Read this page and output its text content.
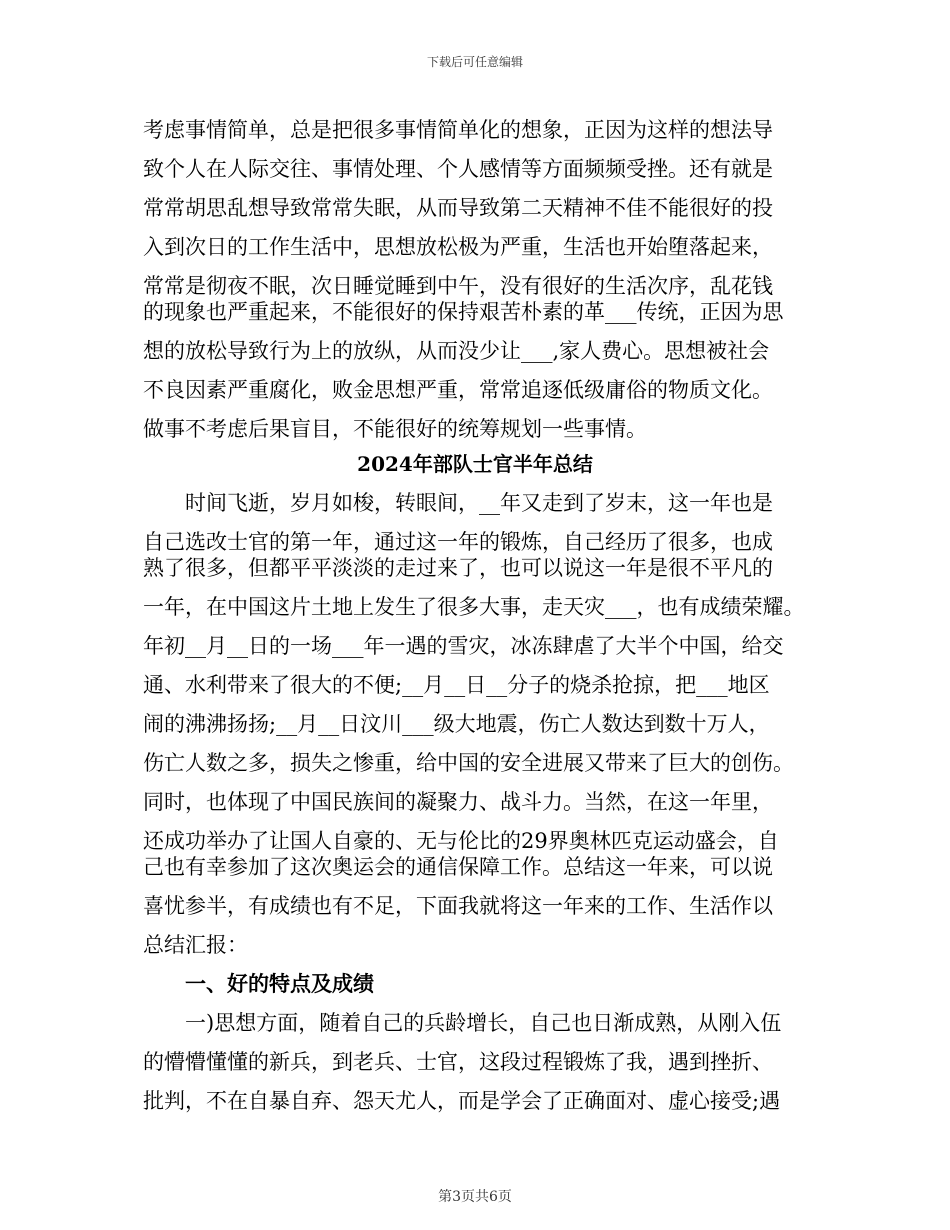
下载后可任意编辑
考虑事情简单，总是把很多事情简单化的想象，正因为这样的想法导
致个人在人际交往、事情处理、个人感情等方面频频受挫。还有就是
常常胡思乱想导致常常失眠，从而导致第二天精神不佳不能很好的投
入到次日的工作生活中，思想放松极为严重，生活也开始堕落起来，
常常是彻夜不眠，次日睡觉睡到中午，没有很好的生活次序，乱花钱
的现象也严重起来，不能很好的保持艰苦朴素的革___传统，正因为思
想的放松导致行为上的放纵，从而没少让___,家人费心。思想被社会
不良因素严重腐化，败金思想严重，常常追逐低级庸俗的物质文化。
做事不考虑后果盲目，不能很好的统筹规划一些事情。
2024年部队士官半年总结
时间飞逝，岁月如梭，转眼间，__年又走到了岁末，这一年也是
自己选改士官的第一年，通过这一年的锻炼，自己经历了很多，也成
熟了很多，但都平平淡淡的走过来了，也可以说这一年是很不平凡的
一年，在中国这片土地上发生了很多大事，走天灾___，也有成绩荣耀。
年初__月__日的一场___年一遇的雪灾，冰冻肆虐了大半个中国，给交
通、水利带来了很大的不便;__月__日__分子的烧杀抢掠，把___地区
闹的沸沸扬扬;__月__日汶川___级大地震，伤亡人数达到数十万人，
伤亡人数之多，损失之惨重，给中国的安全进展又带来了巨大的创伤。
同时，也体现了中国民族间的凝聚力、战斗力。当然，在这一年里，
还成功举办了让国人自豪的、无与伦比的29界奥林匹克运动盛会，自
己也有幸参加了这次奥运会的通信保障工作。总结这一年来，可以说
喜忧参半，有成绩也有不足，下面我就将这一年来的工作、生活作以
总结汇报：
一、好的特点及成绩
一)思想方面，随着自己的兵龄增长，自己也日渐成熟，从刚入伍
的懵懵懂懂的新兵，到老兵、士官，这段过程锻炼了我，遇到挫折、
批判，不在自暴自弃、怨天尤人，而是学会了正确面对、虚心接受;遇
第3页共6页
